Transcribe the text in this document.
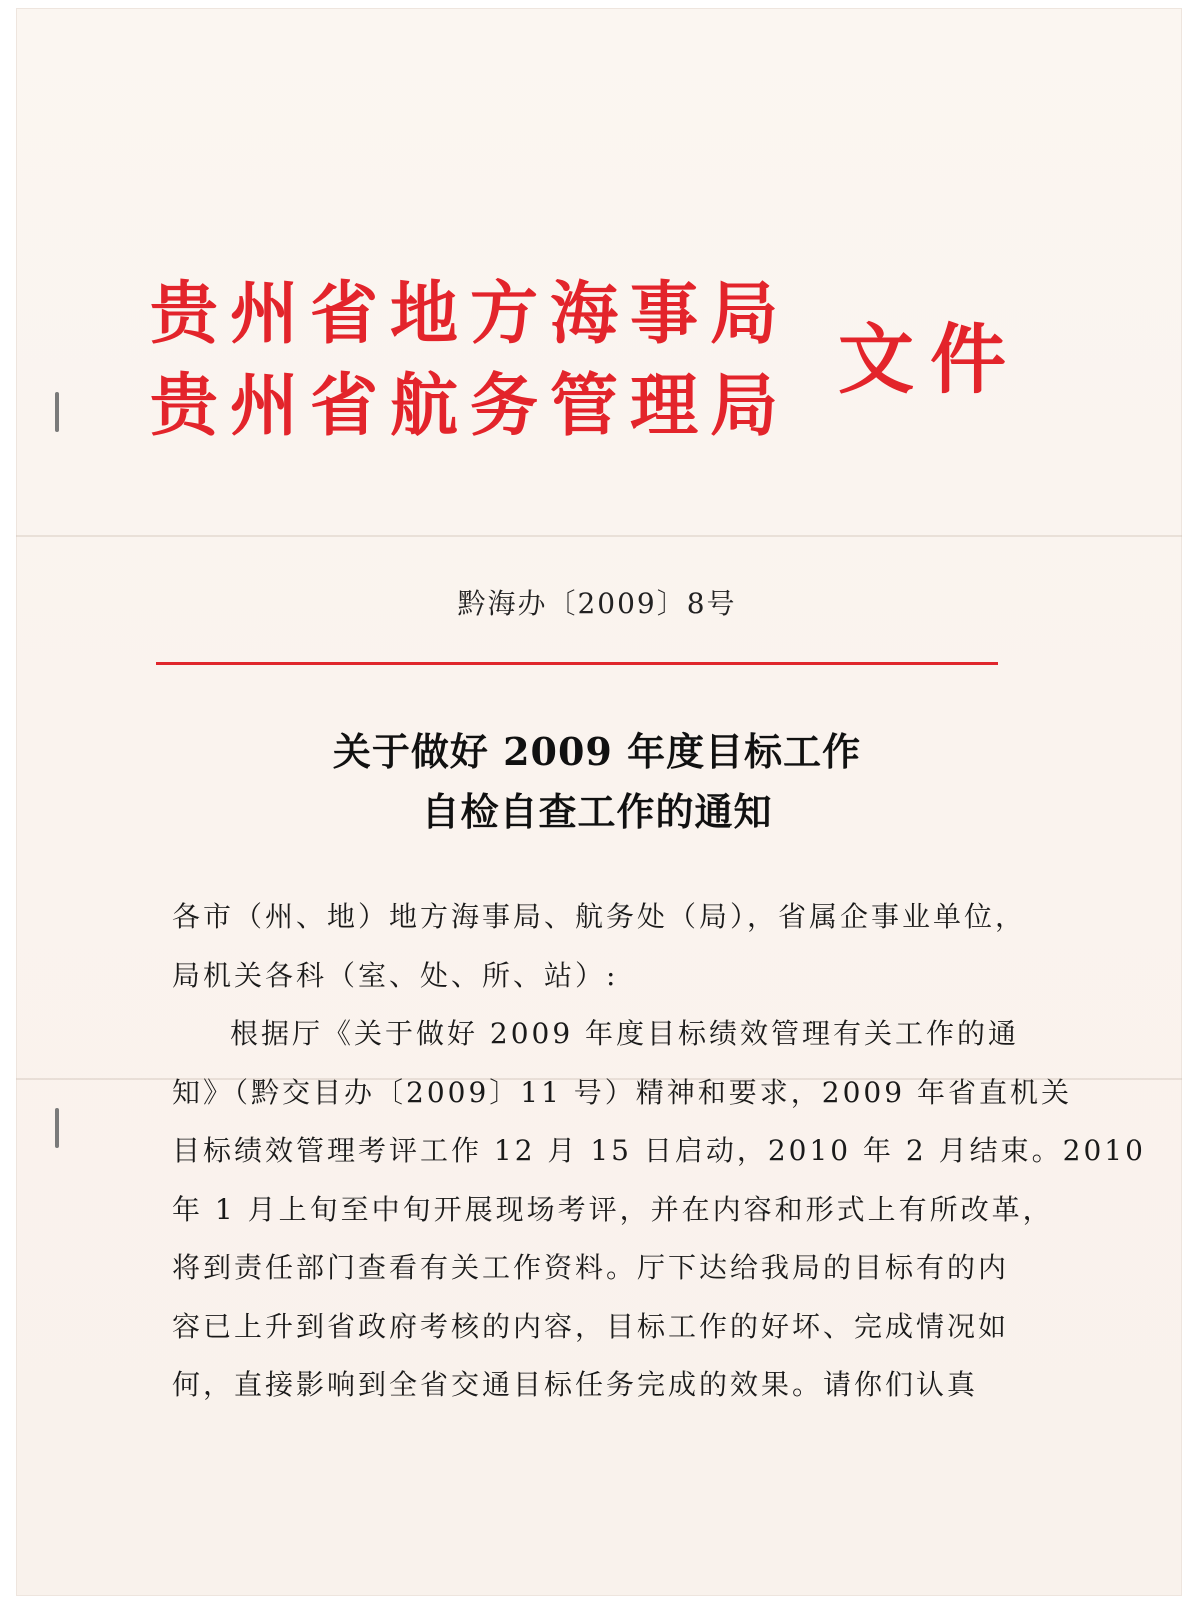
贵州省地方海事局
贵州省航务管理局
文件
黔海办〔2009〕8号
关于做好 2009 年度目标工作
自检自查工作的通知
各市（州、地）地方海事局、航务处（局），省属企事业单位，
局机关各科（室、处、所、站）:
根据厅《关于做好 2009 年度目标绩效管理有关工作的通
知》（黔交目办〔2009〕11 号）精神和要求，2009 年省直机关
目标绩效管理考评工作 12 月 15 日启动，2010 年 2 月结束。2010
年 1 月上旬至中旬开展现场考评，并在内容和形式上有所改革，
将到责任部门查看有关工作资料。厅下达给我局的目标有的内
容已上升到省政府考核的内容，目标工作的好坏、完成情况如
何，直接影响到全省交通目标任务完成的效果。请你们认真
